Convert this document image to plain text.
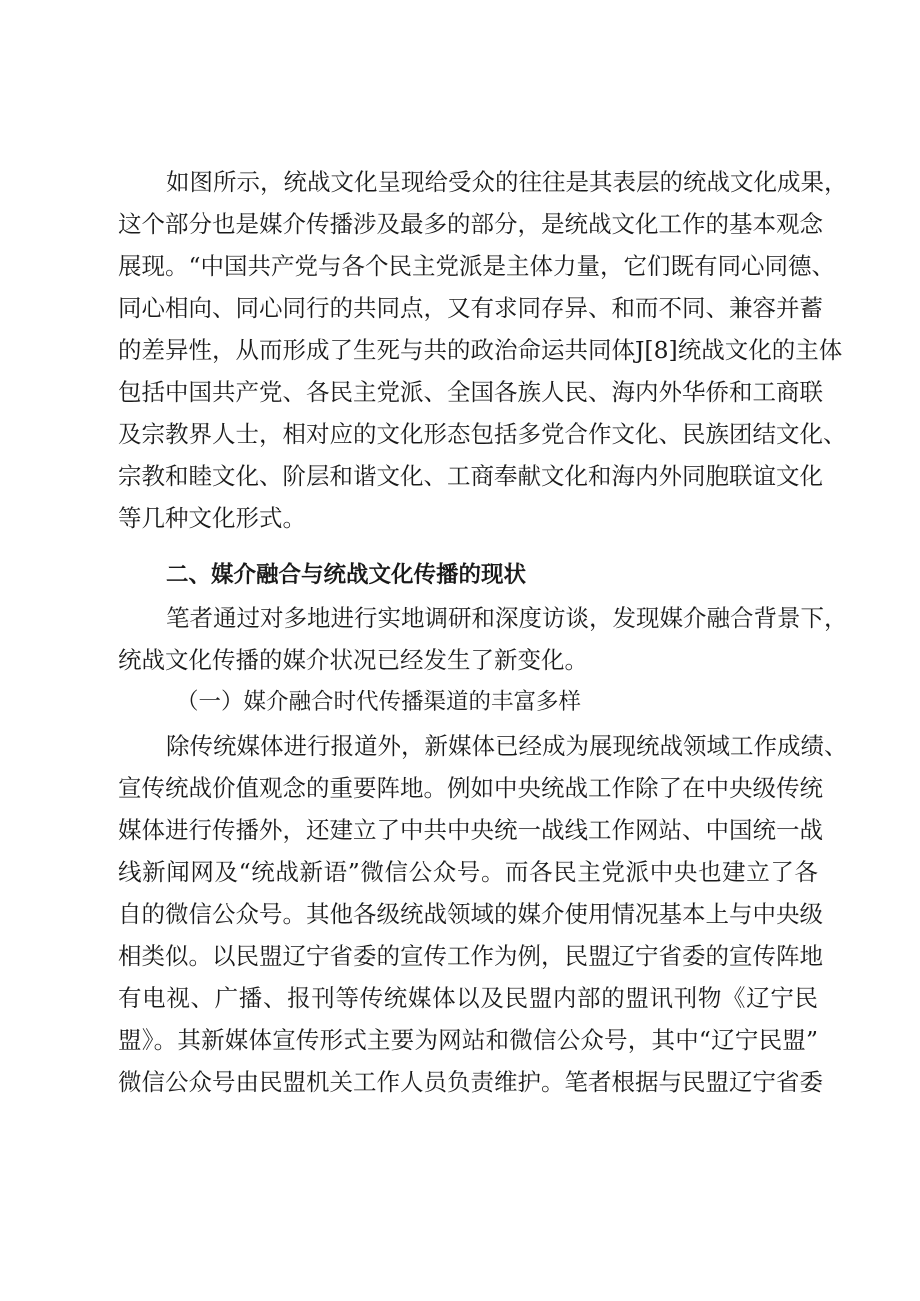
如图所示，统战文化呈现给受众的往往是其表层的统战文化成果，
这个部分也是媒介传播涉及最多的部分，是统战文化工作的基本观念
展现。“中国共产党与各个民主党派是主体力量，它们既有同心同德、
同心相向、同心同行的共同点，又有求同存异、和而不同、兼容并蓄
的差异性，从而形成了生死与共的政治命运共同体J[8]统战文化的主体
包括中国共产党、各民主党派、全国各族人民、海内外华侨和工商联
及宗教界人士，相对应的文化形态包括多党合作文化、民族团结文化、
宗教和睦文化、阶层和谐文化、工商奉献文化和海内外同胞联谊文化
等几种文化形式。
二、媒介融合与统战文化传播的现状
笔者通过对多地进行实地调研和深度访谈，发现媒介融合背景下，
统战文化传播的媒介状况已经发生了新变化。
（一）媒介融合时代传播渠道的丰富多样
除传统媒体进行报道外，新媒体已经成为展现统战领域工作成绩、
宣传统战价值观念的重要阵地。例如中央统战工作除了在中央级传统
媒体进行传播外，还建立了中共中央统一战线工作网站、中国统一战
线新闻网及“统战新语”微信公众号。而各民主党派中央也建立了各
自的微信公众号。其他各级统战领域的媒介使用情况基本上与中央级
相类似。以民盟辽宁省委的宣传工作为例，民盟辽宁省委的宣传阵地
有电视、广播、报刊等传统媒体以及民盟内部的盟讯刊物《辽宁民
盟》。其新媒体宣传形式主要为网站和微信公众号，其中“辽宁民盟”
微信公众号由民盟机关工作人员负责维护。笔者根据与民盟辽宁省委
